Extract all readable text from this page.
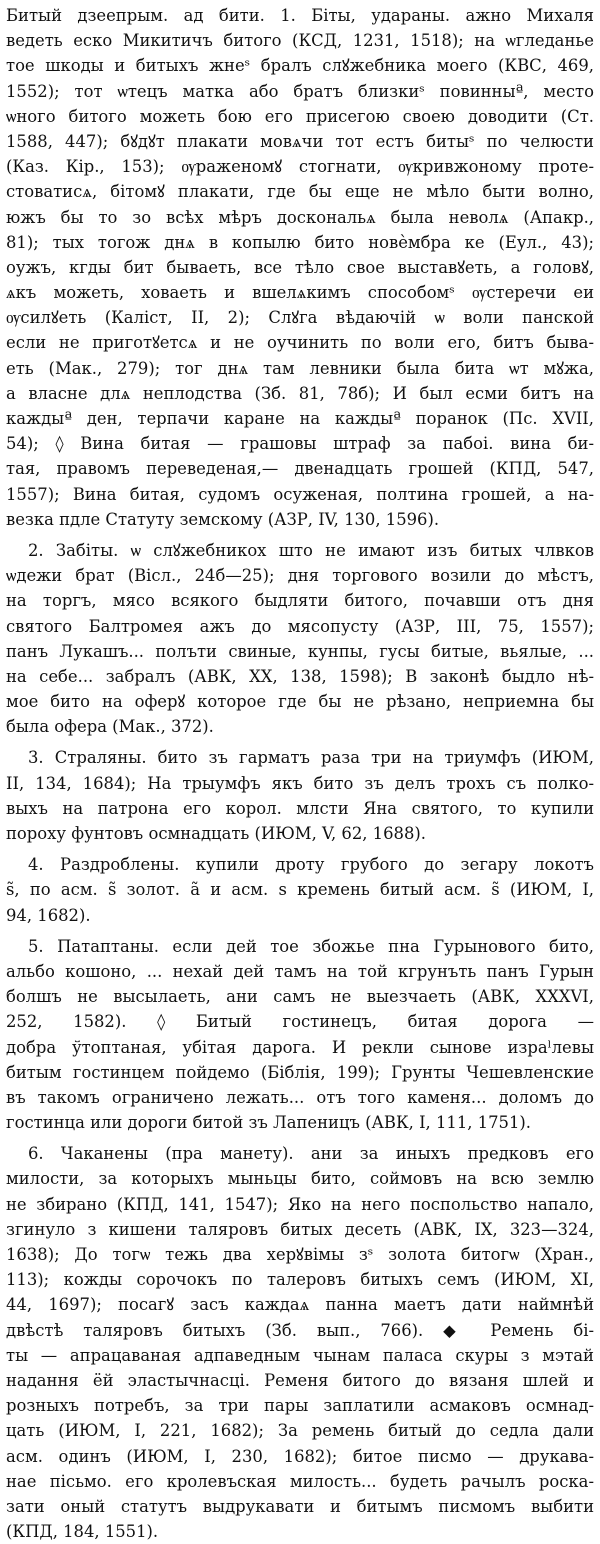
Битый дзеeпрым. ад бити. 1. Біты, ударaны. ажно Михаля
ведеть еско Микитичъ битого (КСД, 1231, 1518); на ѡгледанье
тое шкоды и битыхъ жнеˢ бралъ слꙋжебника моего (КВС, 469,
1552); тот ѡтецъ матка або братъ близкиˢ повинныª, место
ѡного битого можеть бою его присегою своею доводити (Ст.
1588, 447); бꙋдꙋт плакати мовѧчи тот естъ битыˢ по челюсти
(Каз. Кір., 153); ѹраженомꙋ стогнати, ѹкривжоному протe-
стоватисѧ, бітомꙋ плакати, где бы еще не мѣло быти волно,
южъ бы то зо всѣх мѣръ доскональѧ была неволѧ (Апакр.,
81); тых тогож днѧ в копылю бито новѐмбра ке (Еул., 43);
оужъ, кгды бит бываеть, все тѣло свое выставꙋеть, а головꙋ,
ѧкъ можеть, ховаеть и вшелѧкимъ способомˢ ѹстеречи еи
ѹсилꙋеть (Каліст, II, 2); Слꙋга вѣдаючій ѡ воли панской
если не приготꙋетсѧ и не оучинить по воли его, битъ быва-
еть (Мак., 279); тог днѧ там левники была бита ѡт мꙋжа,
а власне длѧ неплодства (Зб. 81, 78б); И был есми битъ на
каждыª ден, терпачи каране на каждыª поранок (Пс. XVII,
54); ◊ Вина битая — грашовы штраф за пабоі. вина би-
тая, правомъ переведеная,— двенадцать грошей (КПД, 547,
1557); Вина битая, судомъ осуженая, полтина грошей, а на-
везка пдле Статуту земскому (АЗР, IV, 130, 1596).
2. Забіты. ѡ слꙋжебникох што не имают изъ битых члвков
ѡдежи брат (Вісл., 24б—25); дня торгового возили до мѣстъ,
на торгъ, мясо всякого быдляти битого, почавши отъ дня
святого Балтромея ажъ до мясопусту (АЗР, III, 75, 1557);
панъ Лукашъ... полъти свиные, кунпы, гусы битые, вьялые, ...
на себе... забралъ (АВК, XX, 138, 1598); В законѣ быдло нѣ-
мое бито на оферꙋ которое где бы не рѣзано, неприемна бы
была офера (Мак., 372).
3. Страляны. бито зъ гарматъ раза три на триумфъ (ИЮМ,
II, 134, 1684); На трыумфъ якъ бито зъ делъ трохъ съ полко-
выхъ на патрона его корол. млсти Яна святого, то купили
пороху фунтовъ осмнадцать (ИЮМ, V, 62, 1688).
4. Раздроблены. купили дроту грубого до зегару локотъ
ѕ̃, по асм. ѕ̃ золот. а̃ и асм. ѕ кремень битый асм. ѕ̃ (ИЮМ, I,
94, 1682).
5. Патаптаны. если дей тое збожье пна Гурынового бито,
альбо кошоно, ... нехай дей тамъ на той кгрунъть панъ Гурын
болшъ не высылаеть, ани самъ не выезчаеть (АВК, XXXVI,
252, 1582). ◊ Битый гостинецъ, битая дорога —
добра ўтоптаная, убітая дарога. И рекли сынове израˡлевы
битым гостинцем пойдемо (Біблія, 199); Грунты Чешевленские
въ такомъ ограничено лежать... отъ того каменя... доломъ до
гостинца или дороги битой зъ Лапеницъ (АВК, I, 111, 1751).
6. Чаканены (пра манету). ани за иныхъ предковъ его
милости, за которыхъ мыньцы бито, соймовъ на всю землю
не збирано (КПД, 141, 1547); Яко на него поспольство напало,
згинуло з кишени таляровъ битых десеть (АВК, IX, 323—324,
1638); До тогѡ тежь два херꙋвімы зˢ золота битогѡ (Хран.,
113); кожды сорочокъ по талеровъ битыхъ семъ (ИЮМ, XI,
44, 1697); посагꙋ засъ каждаѧ панна маетъ дати наймнѣй
двѣстѣ таляровъ битыхъ (Зб. вып., 766). ◆ Ремень бі-
ты — апрацаваная адпаведным чынам паласа скуры з мэтай
надання ёй эластычнасці. Ременя битого до вязаня шлей и
розныхъ потребъ, за три пары заплатили асмаковъ осмнад-
цать (ИЮМ, I, 221, 1682); За ремень битый до седла дали
асм. одинъ (ИЮМ, I, 230, 1682); битое писмо — друкава-
нае пісьмо. его кролевъская милость... будеть рачылъ роска-
зати оный статутъ выдрукавати и битымъ писмомъ выбити
(КПД, 184, 1551).
